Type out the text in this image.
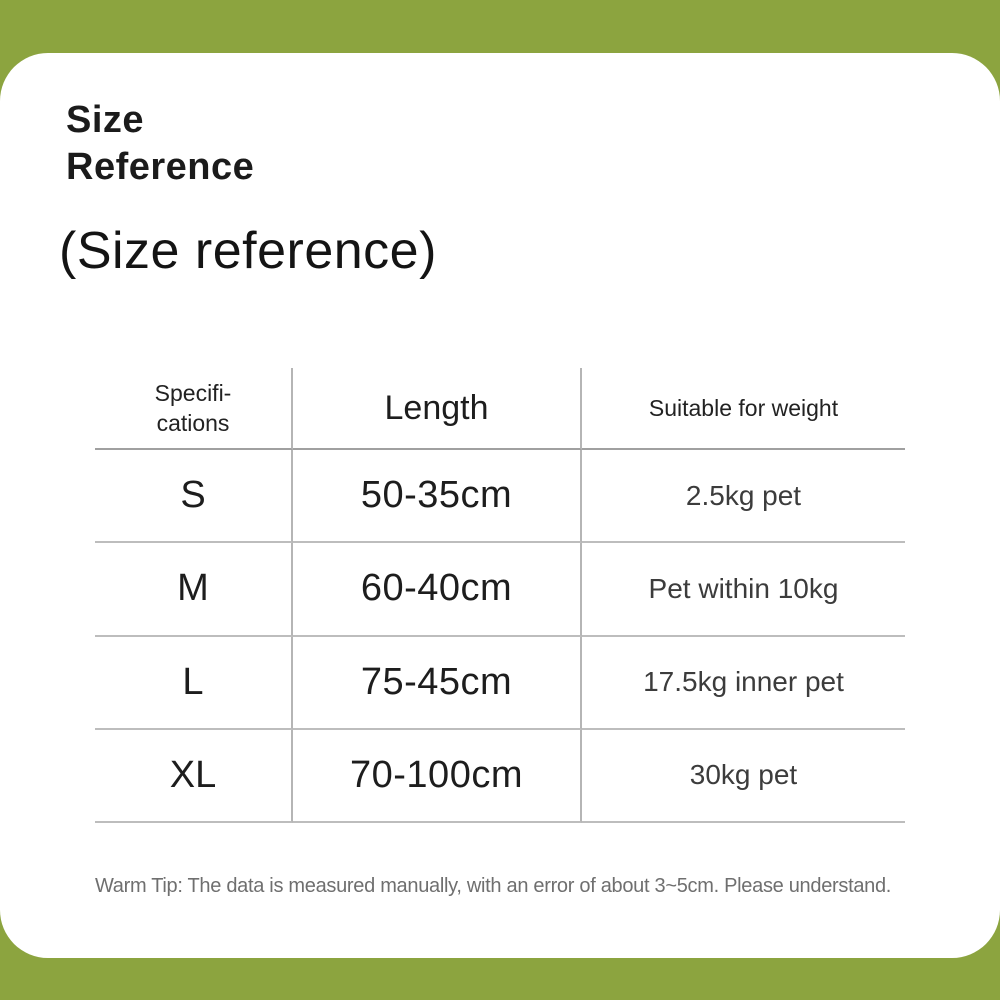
Size
Reference
(Size reference)
Specifi-
cations	Length	Suitable for weight
S	50-35cm	2.5kg pet
M	60-40cm	Pet within 10kg
L	75-45cm	17.5kg inner pet
XL	70-100cm	30kg pet
Warm Tip: The data is measured manually, with an error of about 3~5cm. Please understand.
